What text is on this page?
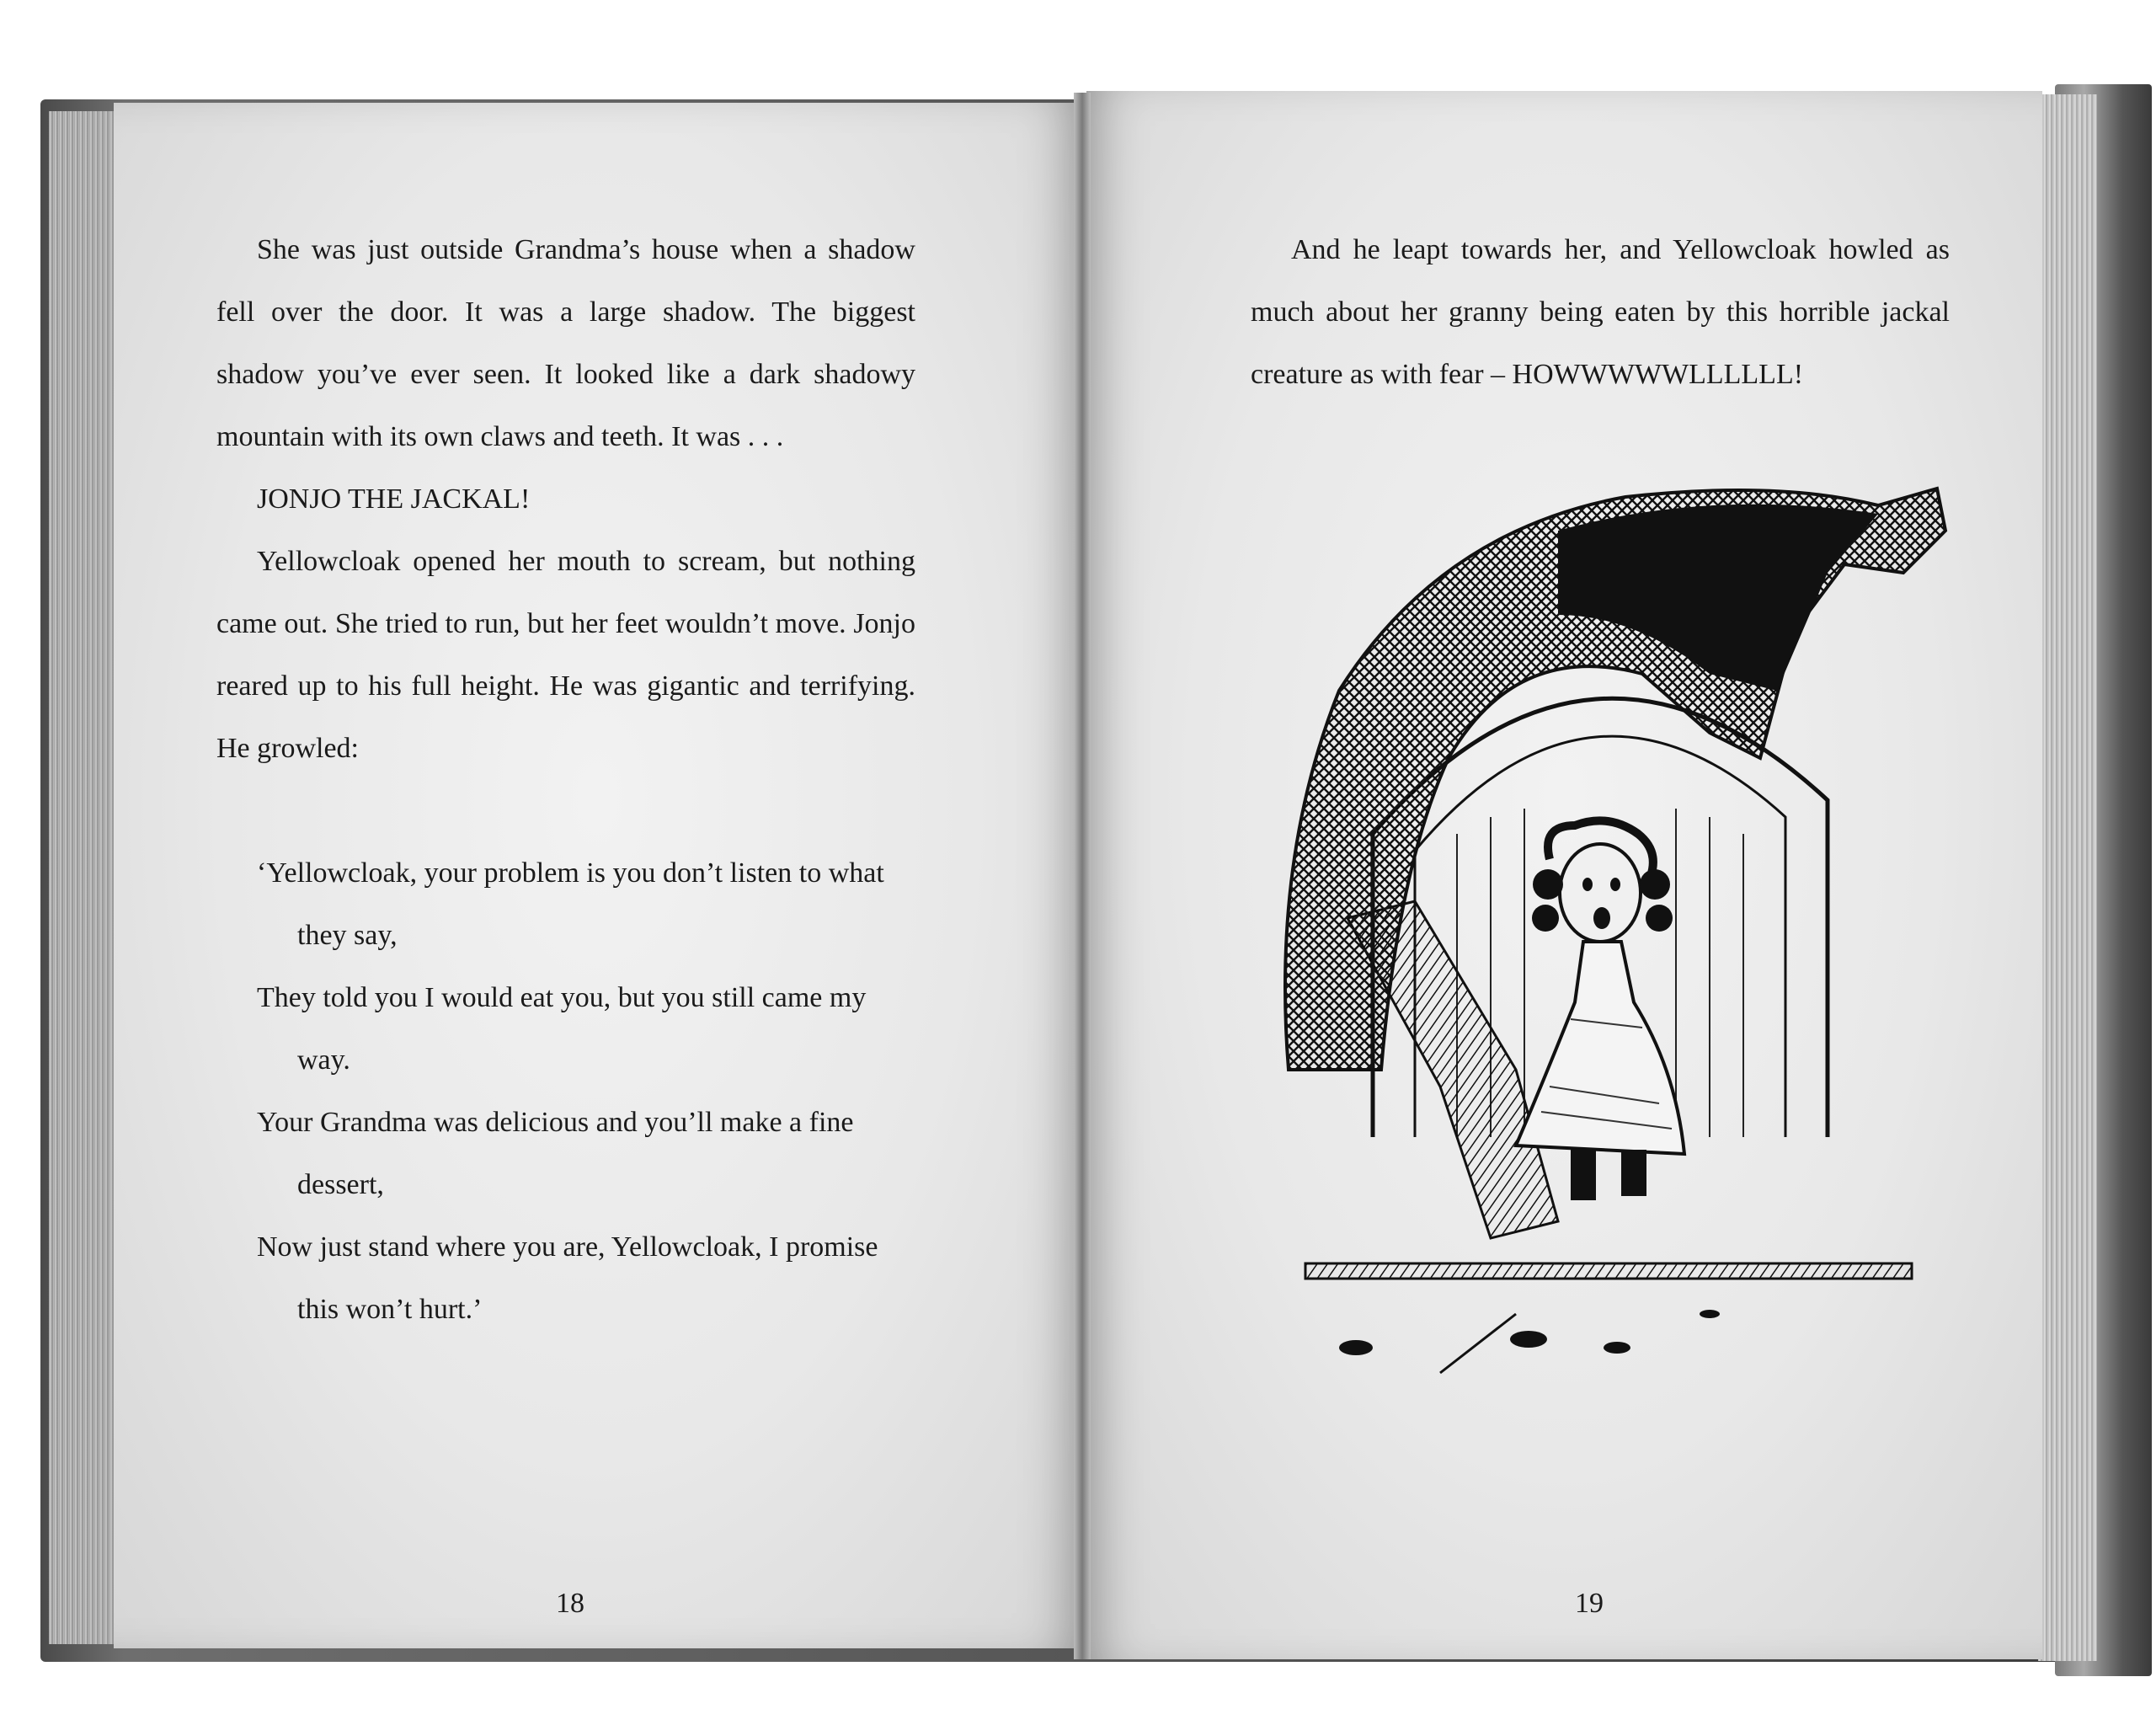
She was just outside Grandma’s house when a shadow fell over the door. It was a large shadow. The biggest shadow you’ve ever seen. It looked like a dark shadowy mountain with its own claws and teeth. It was . . .

JONJO THE JACKAL!

Yellowcloak opened her mouth to scream, but nothing came out. She tried to run, but her feet wouldn’t move. Jonjo reared up to his full height. He was gigantic and terrifying. He growled:

‘Yellowcloak, your problem is you don’t listen to what they say,

They told you I would eat you, but you still came my way.

Your Grandma was delicious and you’ll make a fine dessert,

Now just stand where you are, Yellowcloak, I promise this won’t hurt.’

18

And he leapt towards her, and Yellowcloak howled as much about her granny being eaten by this horrible jackal creature as with fear – HOWWWWWLLLLLL!

19
